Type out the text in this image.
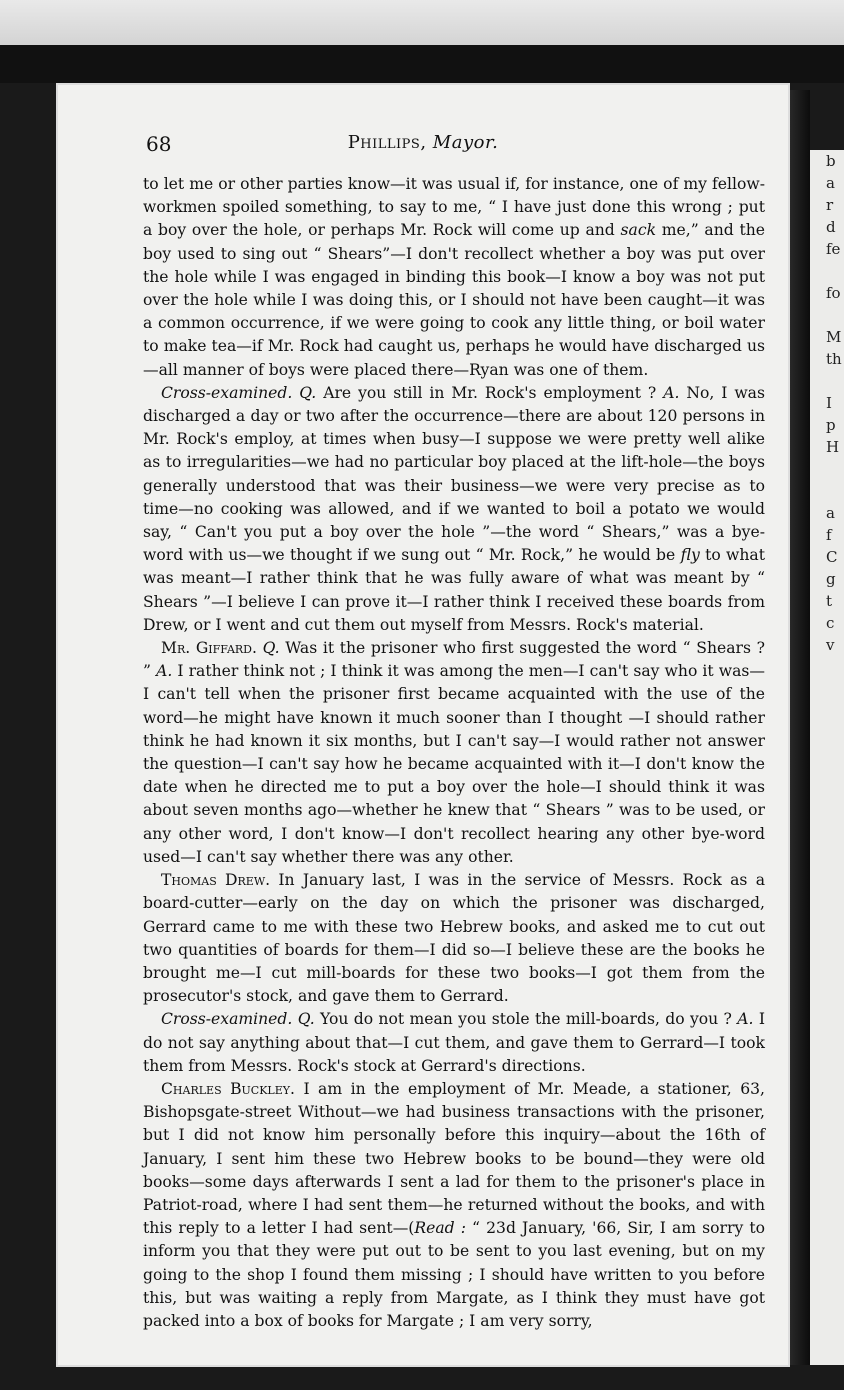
b
a
r
d
fe
fo
M
th
I
p
H
a
f
C
g
t
c
v
68	Phillips, Mayor.

to let me or other parties know—it was usual if, for instance, one of my fellow-workmen spoiled something, to say to me, “ I have just done this wrong ; put a boy over the hole, or perhaps Mr. Rock will come up and sack me,” and the boy used to sing out “ Shears”—I don't recollect whether a boy was put over the hole while I was engaged in binding this book—I know a boy was not put over the hole while I was doing this, or I should not have been caught—it was a common occurrence, if we were going to cook any little thing, or boil water to make tea—if Mr. Rock had caught us, perhaps he would have discharged us—all manner of boys were placed there—Ryan was one of them.

Cross-examined. Q. Are you still in Mr. Rock's employment ? A. No, I was discharged a day or two after the occurrence—there are about 120 persons in Mr. Rock's employ, at times when busy—I suppose we were pretty well alike as to irregularities—we had no particular boy placed at the lift-hole—the boys generally understood that was their business—we were very precise as to time—no cooking was allowed, and if we wanted to boil a potato we would say, “ Can't you put a boy over the hole ”—the word “ Shears,” was a bye-word with us—we thought if we sung out “ Mr. Rock,” he would be fly to what was meant—I rather think that he was fully aware of what was meant by “ Shears ”—I believe I can prove it—I rather think I received these boards from Drew, or I went and cut them out myself from Messrs. Rock's material.

Mr. Giffard. Q. Was it the prisoner who first suggested the word “ Shears ? ” A. I rather think not ; I think it was among the men—I can't say who it was—I can't tell when the prisoner first became acquainted with the use of the word—he might have known it much sooner than I thought —I should rather think he had known it six months, but I can't say—I would rather not answer the question—I can't say how he became acquainted with it—I don't know the date when he directed me to put a boy over the hole—I should think it was about seven months ago—whether he knew that “ Shears ” was to be used, or any other word, I don't know—I don't recollect hearing any other bye-word used—I can't say whether there was any other.

Thomas Drew. In January last, I was in the service of Messrs. Rock as a board-cutter—early on the day on which the prisoner was discharged, Gerrard came to me with these two Hebrew books, and asked me to cut out two quantities of boards for them—I did so—I believe these are the books he brought me—I cut mill-boards for these two books—I got them from the prosecutor's stock, and gave them to Gerrard.

Cross-examined. Q. You do not mean you stole the mill-boards, do you ? A. I do not say anything about that—I cut them, and gave them to Gerrard—I took them from Messrs. Rock's stock at Gerrard's directions.

Charles Buckley. I am in the employment of Mr. Meade, a stationer, 63, Bishopsgate-street Without—we had business transactions with the prisoner, but I did not know him personally before this inquiry—about the 16th of January, I sent him these two Hebrew books to be bound—they were old books—some days afterwards I sent a lad for them to the prisoner's place in Patriot-road, where I had sent them—he returned without the books, and with this reply to a letter I had sent—(Read : “ 23d January, '66, Sir, I am sorry to inform you that they were put out to be sent to you last evening, but on my going to the shop I found them missing ; I should have written to you before this, but was waiting a reply from Margate, as I think they must have got packed into a box of books for Margate ; I am very sorry,
